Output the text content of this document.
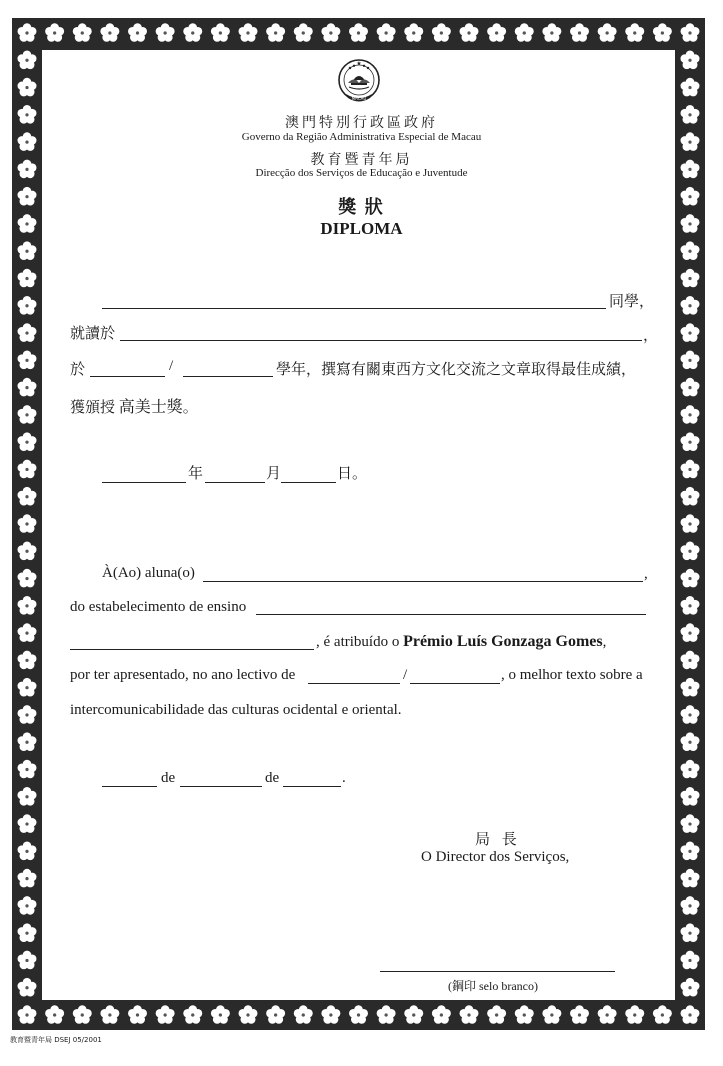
MACAU
澳門特別行政區政府
Governo da Região Administrativa Especial de Macau
教育暨青年局
Direcção dos Serviços de Educação e Juventude
獎 狀
DIPLOMA
同學，
就讀於	，
於	/	學年，撰寫有關東西方文化交流之文章取得最佳成績，
獲頒授 高美士獎。
年	月	日。
À(Ao) aluna(o)	,
do estabelecimento de ensino
, é atribuído o Prémio Luís Gonzaga Gomes,
por ter apresentado, no ano lectivo de	/	, o melhor texto sobre a
intercomunicabilidade das culturas ocidental e oriental.
de	de	.
局 長
O Director dos Serviços,
(鋼印 selo branco)
教育暨青年局 DSEJ 05/2001
